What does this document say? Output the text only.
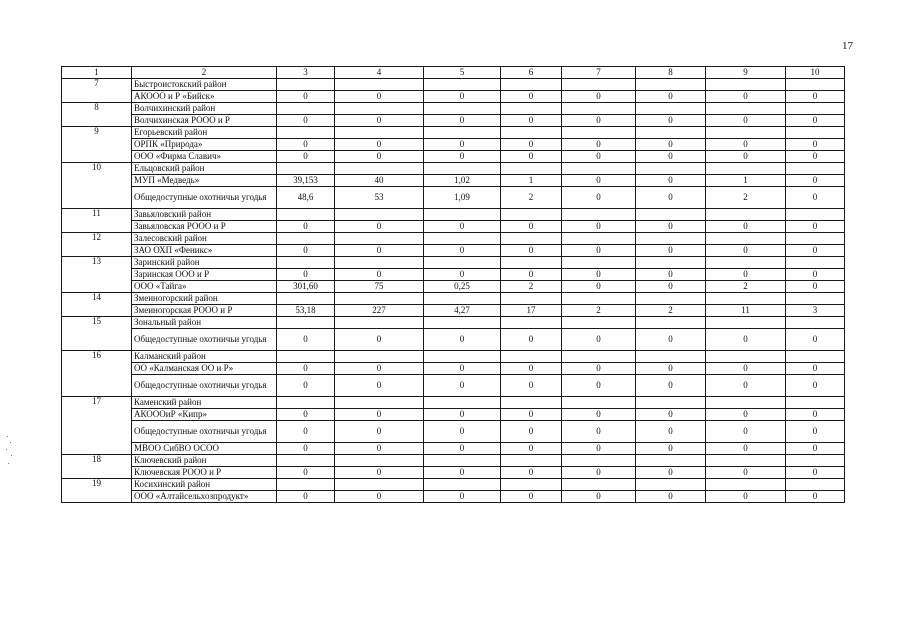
17
1	2	3	4	5	6	7	8	9	10
7	Быстроистокский район								
	АКООО и Р «Бийск»	0	0	0	0	0	0	0	0
8	Волчихинский район								
	Волчихинская РООО и Р	0	0	0	0	0	0	0	0
9	Егорьевский район								
	ОРПК «Природа»	0	0	0	0	0	0	0	0
	ООО «Фирма Славич»	0	0	0	0	0	0	0	0
10	Ельцовский район								
	МУП «Медведь»	39,153	40	1,02	1	0	0	1	0
	Общедоступные охотничьи угодья	48,6	53	1,09	2	0	0	2	0
11	Завьяловский район								
	Завьяловская РООО и Р	0	0	0	0	0	0	0	0
12	Залесовский район								
	ЗАО ОХП «Феникс»	0	0	0	0	0	0	0	0
13	Заринский район								
	Заринская ООО и Р	0	0	0	0	0	0	0	0
	ООО «Тайга»	301,60	75	0,25	2	0	0	2	0
14	Змеиногорский район								
	Змеиногорская РООО и Р	53,18	227	4,27	17	2	2	11	3
15	Зональный район								
	Общедоступные охотничьи угодья	0	0	0	0	0	0	0	0
16	Калманский район								
	ОО «Калманская ОО и Р»	0	0	0	0	0	0	0	0
	Общедоступные охотничьи угодья	0	0	0	0	0	0	0	0
17	Каменский район								
	АКОООиР «Кипр»	0	0	0	0	0	0	0	0
	Общедоступные охотничьи угодья	0	0	0	0	0	0	0	0
	МВОО СибВО ОСОО	0	0	0	0	0	0	0	0
18	Ключевский район								
	Ключевская РООО и Р	0	0	0	0	0	0	0	0
19	Косихинский район								
	ООО «Алтайсельхозпродукт»	0	0	0	0	0	0	0	0
